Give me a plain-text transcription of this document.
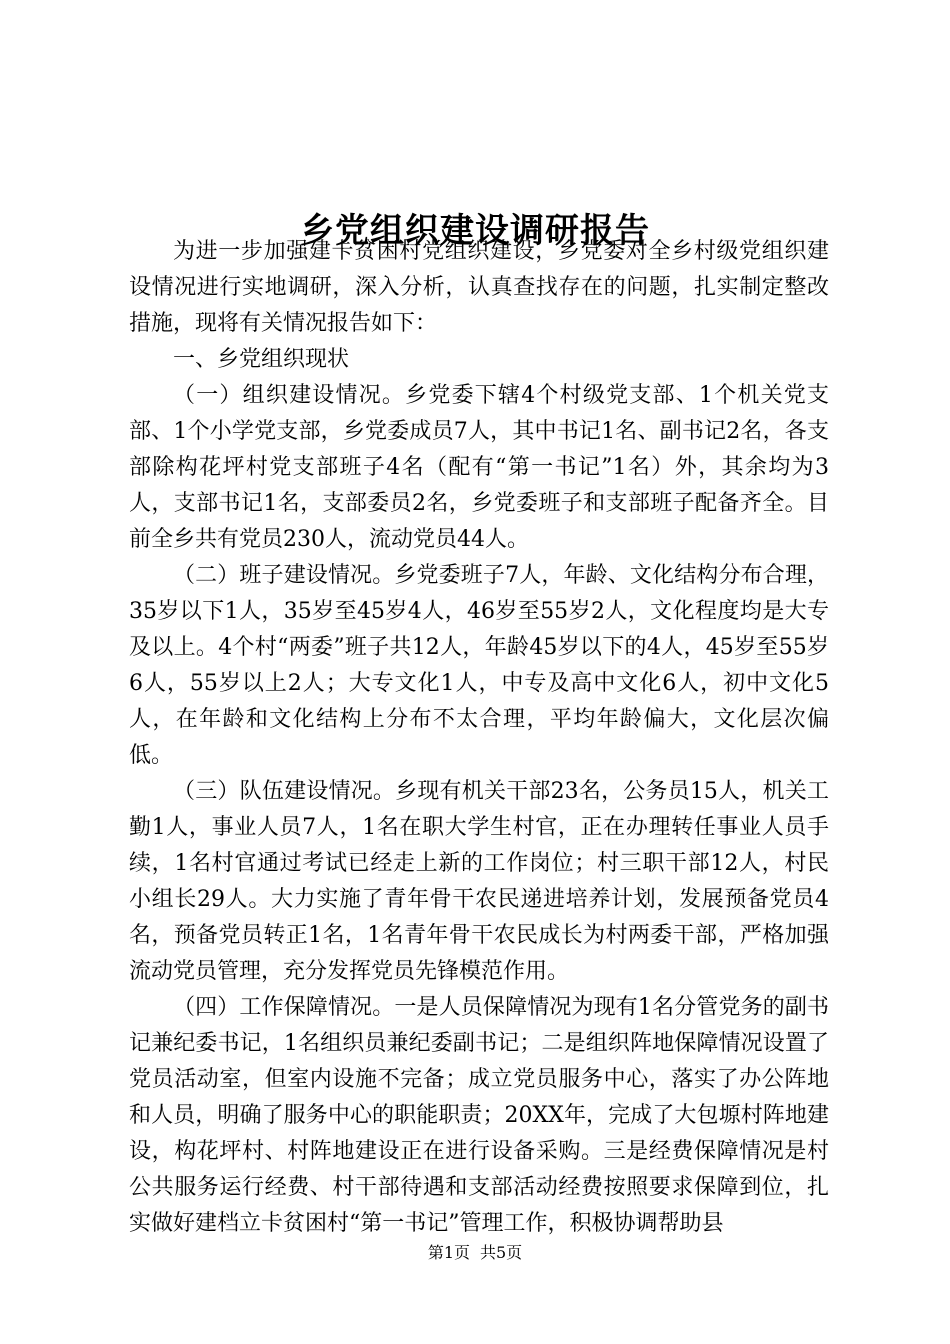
乡党组织建设调研报告

为进一步加强建卡贫困村党组织建设，乡党委对全乡村级党组织建设情况进行实地调研，深入分析，认真查找存在的问题，扎实制定整改措施，现将有关情况报告如下：

一、乡党组织现状

（一）组织建设情况。乡党委下辖4个村级党支部、1个机关党支部、1个小学党支部，乡党委成员7人，其中书记1名、副书记2名，各支部除构花坪村党支部班子4名（配有“第一书记”1名）外，其余均为3人，支部书记1名，支部委员2名，乡党委班子和支部班子配备齐全。目前全乡共有党员230人，流动党员44人。

（二）班子建设情况。乡党委班子7人，年龄、文化结构分布合理，35岁以下1人，35岁至45岁4人，46岁至55岁2人，文化程度均是大专及以上。4个村“两委”班子共12人，年龄45岁以下的4人，45岁至55岁6人，55岁以上2人；大专文化1人，中专及高中文化6人，初中文化5人，在年龄和文化结构上分布不太合理，平均年龄偏大，文化层次偏低。

（三）队伍建设情况。乡现有机关干部23名，公务员15人，机关工勤1人，事业人员7人，1名在职大学生村官，正在办理转任事业人员手续，1名村官通过考试已经走上新的工作岗位；村三职干部12人，村民小组长29人。大力实施了青年骨干农民递进培养计划，发展预备党员4名，预备党员转正1名，1名青年骨干农民成长为村两委干部，严格加强流动党员管理，充分发挥党员先锋模范作用。

（四）工作保障情况。一是人员保障情况为现有1名分管党务的副书记兼纪委书记，1名组织员兼纪委副书记；二是组织阵地保障情况设置了党员活动室，但室内设施不完备；成立党员服务中心，落实了办公阵地和人员，明确了服务中心的职能职责；20XX年，完成了大包塬村阵地建设，构花坪村、村阵地建设正在进行设备采购。三是经费保障情况是村公共服务运行经费、村干部待遇和支部活动经费按照要求保障到位，扎实做好建档立卡贫困村“第一书记”管理工作，积极协调帮助县

第1页 共5页
